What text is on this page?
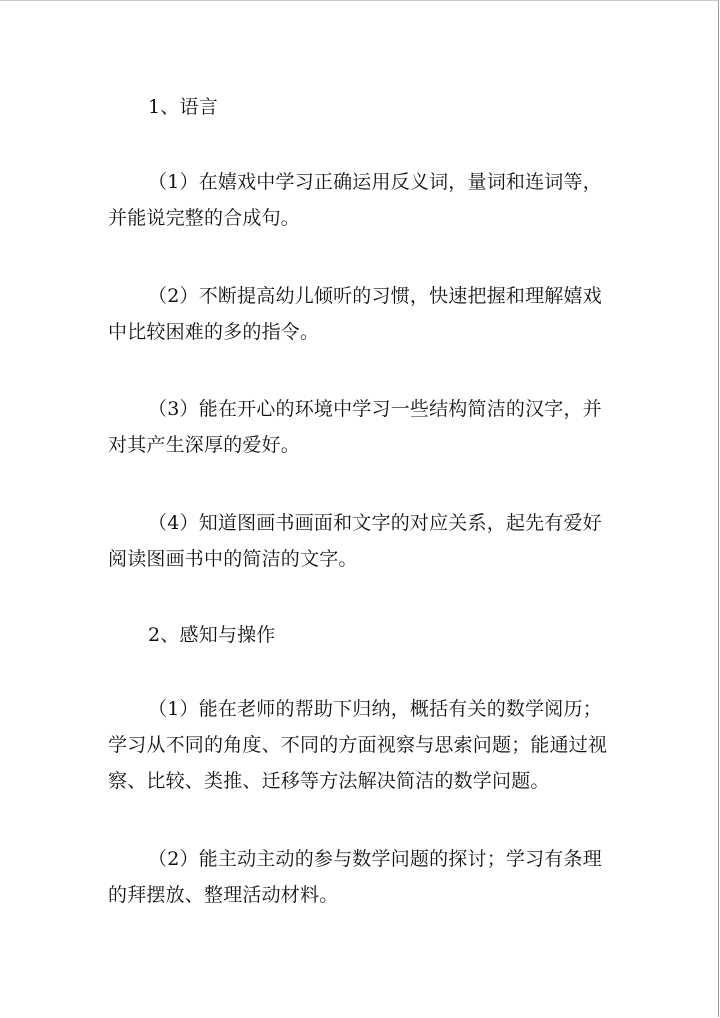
1、语言
（1）在嬉戏中学习正确运用反义词，量词和连词等，
并能说完整的合成句。
（2）不断提高幼儿倾听的习惯，快速把握和理解嬉戏
中比较困难的多的指令。
（3）能在开心的环境中学习一些结构简洁的汉字，并
对其产生深厚的爱好。
（4）知道图画书画面和文字的对应关系，起先有爱好
阅读图画书中的简洁的文字。
2、感知与操作
（1）能在老师的帮助下归纳，概括有关的数学阅历；
学习从不同的角度、不同的方面视察与思索问题；能通过视
察、比较、类推、迁移等方法解决简洁的数学问题。
（2）能主动主动的参与数学问题的探讨；学习有条理
的拜摆放、整理活动材料。
